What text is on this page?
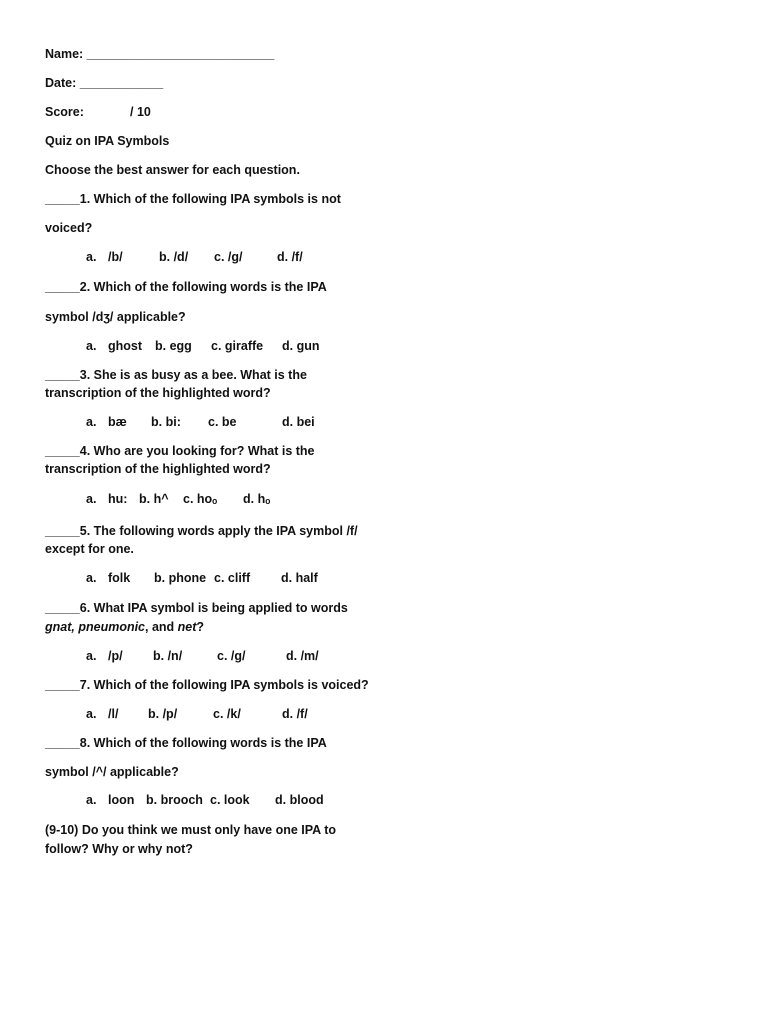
Name: ___________________________
Date: ____________
Score:	/ 10
Quiz on IPA Symbols
Choose the best answer for each question.
_____1. Which of the following IPA symbols is not
voiced?
a. /b/	b. /d/ c. /g/	d. /f/
_____2. Which of the following words is the IPA
symbol /dʒ/ applicable?
a. ghost b. egg c. giraffe d. gun
_____3. She is as busy as a bee. What is the
transcription of the highlighted word?
a. bæ b. bi: c. be	d. bei
_____4. Who are you looking for? What is the
transcription of the highlighted word?
a. hu: b. h^ c. hoₒ d. hₒ
_____5. The following words apply the IPA symbol /f/
except for one.
a. folk b. phone c. cliff d. half
_____6. What IPA symbol is being applied to words
gnat, pneumonic, and net?
a. /p/ b. /n/	c. /g/	d. /m/
_____7. Which of the following IPA symbols is voiced?
a. /l/ b. /p/	c. /k/	d. /f/
_____8. Which of the following words is the IPA
symbol /^/ applicable?
a. loon b. brooch c. look d. blood
(9-10) Do you think we must only have one IPA to
follow? Why or why not?
